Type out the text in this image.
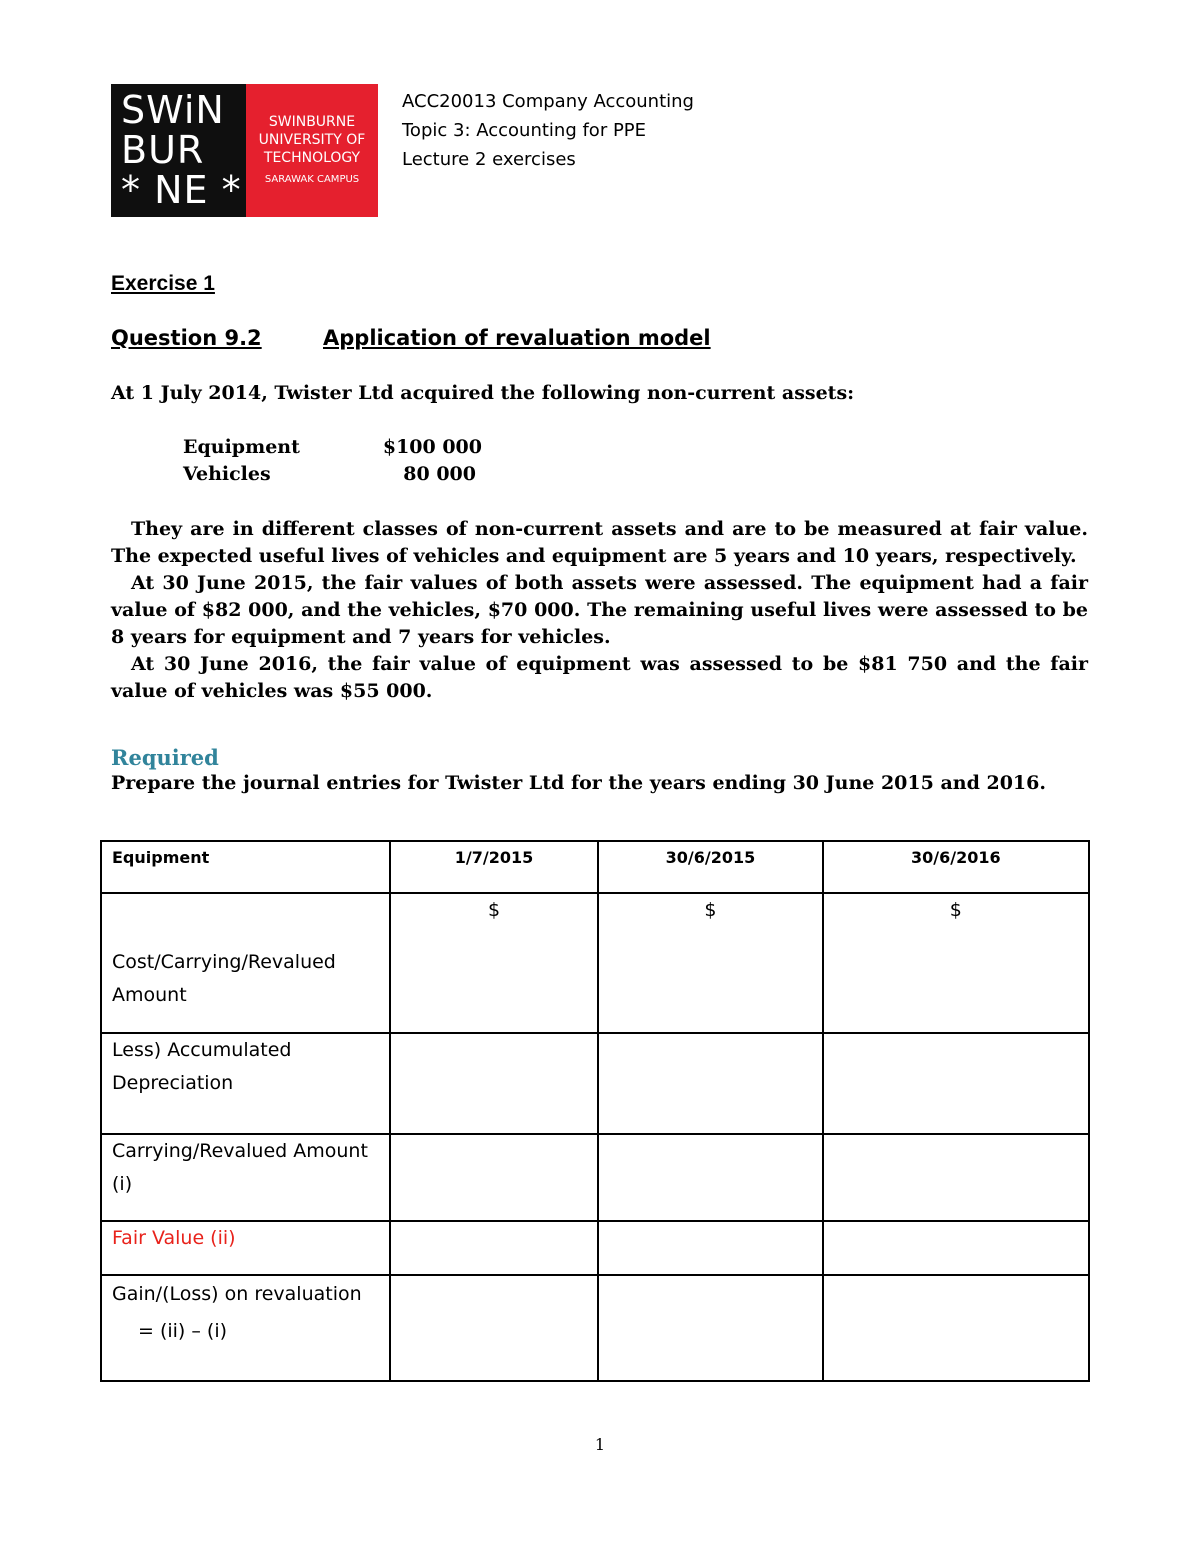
SWiN
BUR
* NE *
SWINBURNE
UNIVERSITY OF
TECHNOLOGY
SARAWAK CAMPUS
ACC20013 Company Accounting
Topic 3: Accounting for PPE
Lecture 2 exercises
Exercise 1
Question 9.2	Application of revaluation model
At 1 July 2014, Twister Ltd acquired the following non-current assets:
Equipment	$100 000
Vehicles	80 000

They are in different classes of non-current assets and are to be measured at fair value. The expected useful lives of vehicles and equipment are 5 years and 10 years, respectively.

At 30 June 2015, the fair values of both assets were assessed. The equipment had a fair value of $82 000, and the vehicles, $70 000. The remaining useful lives were assessed to be 8 years for equipment and 7 years for vehicles.

At 30 June 2016, the fair value of equipment was assessed to be $81 750 and the fair value of vehicles was $55 000.

Required
Prepare the journal entries for Twister Ltd for the years ending 30 June 2015 and 2016.
Equipment	1/7/2015	30/6/2015	30/6/2016

Cost/Carrying/Revalued
Amount	$	$	$

Less) Accumulated
Depreciation			

Carrying/Revalued Amount
(i)			

Fair Value (ii)			

Gain/(Loss) on revaluation
= (ii) – (i)			

1
